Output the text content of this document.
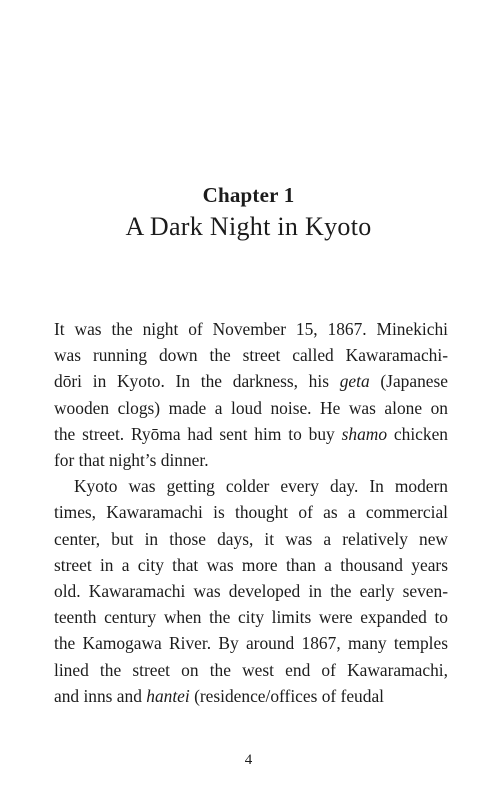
Chapter 1
A Dark Night in Kyoto

It was the night of November 15, 1867. Minekichi
was running down the street called Kawaramachi-
dōri in Kyoto. In the darkness, his geta (Japanese
wooden clogs) made a loud noise. He was alone on
the street. Ryōma had sent him to buy shamo chicken
for that night’s dinner.

Kyoto was getting colder every day. In modern
times, Kawaramachi is thought of as a commercial
center, but in those days, it was a relatively new
street in a city that was more than a thousand years
old. Kawaramachi was developed in the early seven-
teenth century when the city limits were expanded to
the Kamogawa River. By around 1867, many temples
lined the street on the west end of Kawaramachi,
and inns and hantei (residence/offices of feudal

4
